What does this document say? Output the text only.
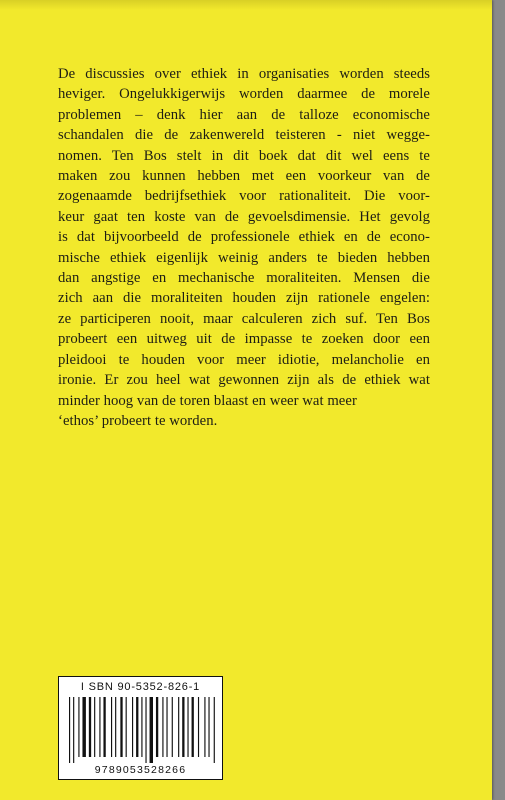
De discussies over ethiek in organisaties worden steeds
heviger. Ongelukkigerwijs worden daarmee de morele
problemen – denk hier aan de talloze economische
schandalen die de zakenwereld teisteren - niet wegge-
nomen. Ten Bos stelt in dit boek dat dit wel eens te
maken zou kunnen hebben met een voorkeur van de
zogenaamde bedrijfsethiek voor rationaliteit. Die voor-
keur gaat ten koste van de gevoelsdimensie. Het gevolg
is dat bijvoorbeeld de professionele ethiek en de econo-
mische ethiek eigenlijk weinig anders te bieden hebben
dan angstige en mechanische moraliteiten. Mensen die
zich aan die moraliteiten houden zijn rationele engelen:
ze participeren nooit, maar calculeren zich suf. Ten Bos
probeert een uitweg uit de impasse te zoeken door een
pleidooi te houden voor meer idiotie, melancholie en
ironie. Er zou heel wat gewonnen zijn als de ethiek wat
minder hoog van de toren blaast en weer wat meer
‘ethos’ probeert te worden.

I SBN 90-5352-826-1
9789053528266
